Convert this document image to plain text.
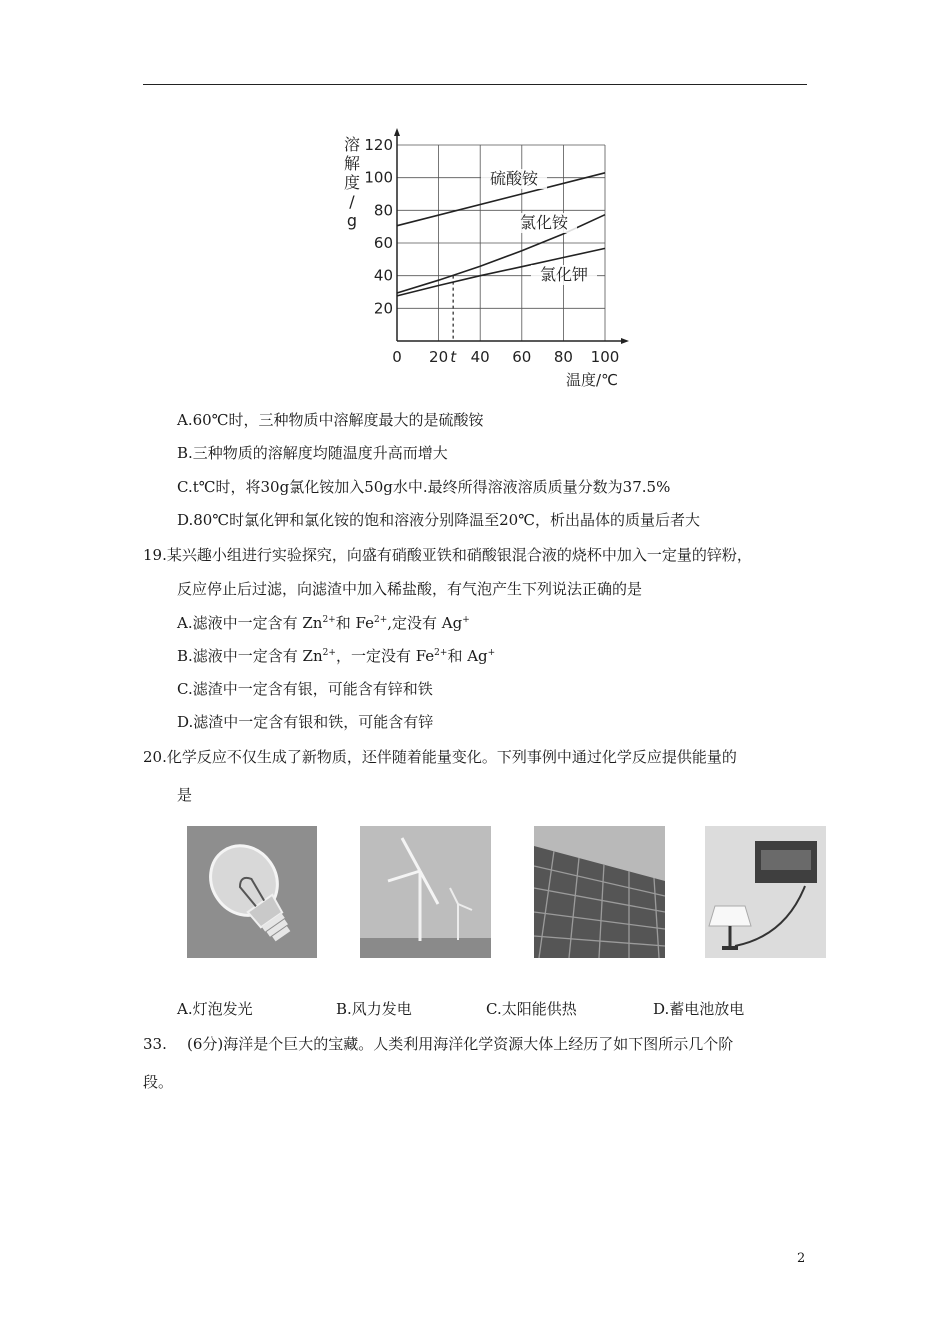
20
40
60
80
100
120
0 20 t 40 60 80 100
溶
解
度
/
g
温度/℃
硫酸铵
氯化铵
氯化钾
A.60℃时，三种物质中溶解度最大的是硫酸铵
B.三种物质的溶解度均随温度升高而增大
C.t℃时，将30g氯化铵加入50g水中.最终所得溶液溶质质量分数为37.5%
D.80℃时氯化钾和氯化铵的饱和溶液分别降温至20℃，析出晶体的质量后者大
19.某兴趣小组进行实验探究，向盛有硝酸亚铁和硝酸银混合液的烧杯中加入一定量的锌粉，
反应停止后过滤，向滤渣中加入稀盐酸，有气泡产生下列说法正确的是
A.滤液中一定含有 $Zn^{2+}$和 $Fe^{2+}$,定没有 Ag+
B.滤液中一定含有 $Zn^{2+}$，一定没有 $Fe^{2+}$和 Ag+
C.滤渣中一定含有银，可能含有锌和铁
D.滤渣中一定含有银和铁，可能含有锌
20.化学反应不仅生成了新物质，还伴随着能量变化。下列事例中通过化学反应提供能量的
是
A.灯泡发光	B.风力发电	C.太阳能供热	D.蓄电池放电
33. (6分)海洋是个巨大的宝藏。人类利用海洋化学资源大体上经历了如下图所示几个阶
段。
2
